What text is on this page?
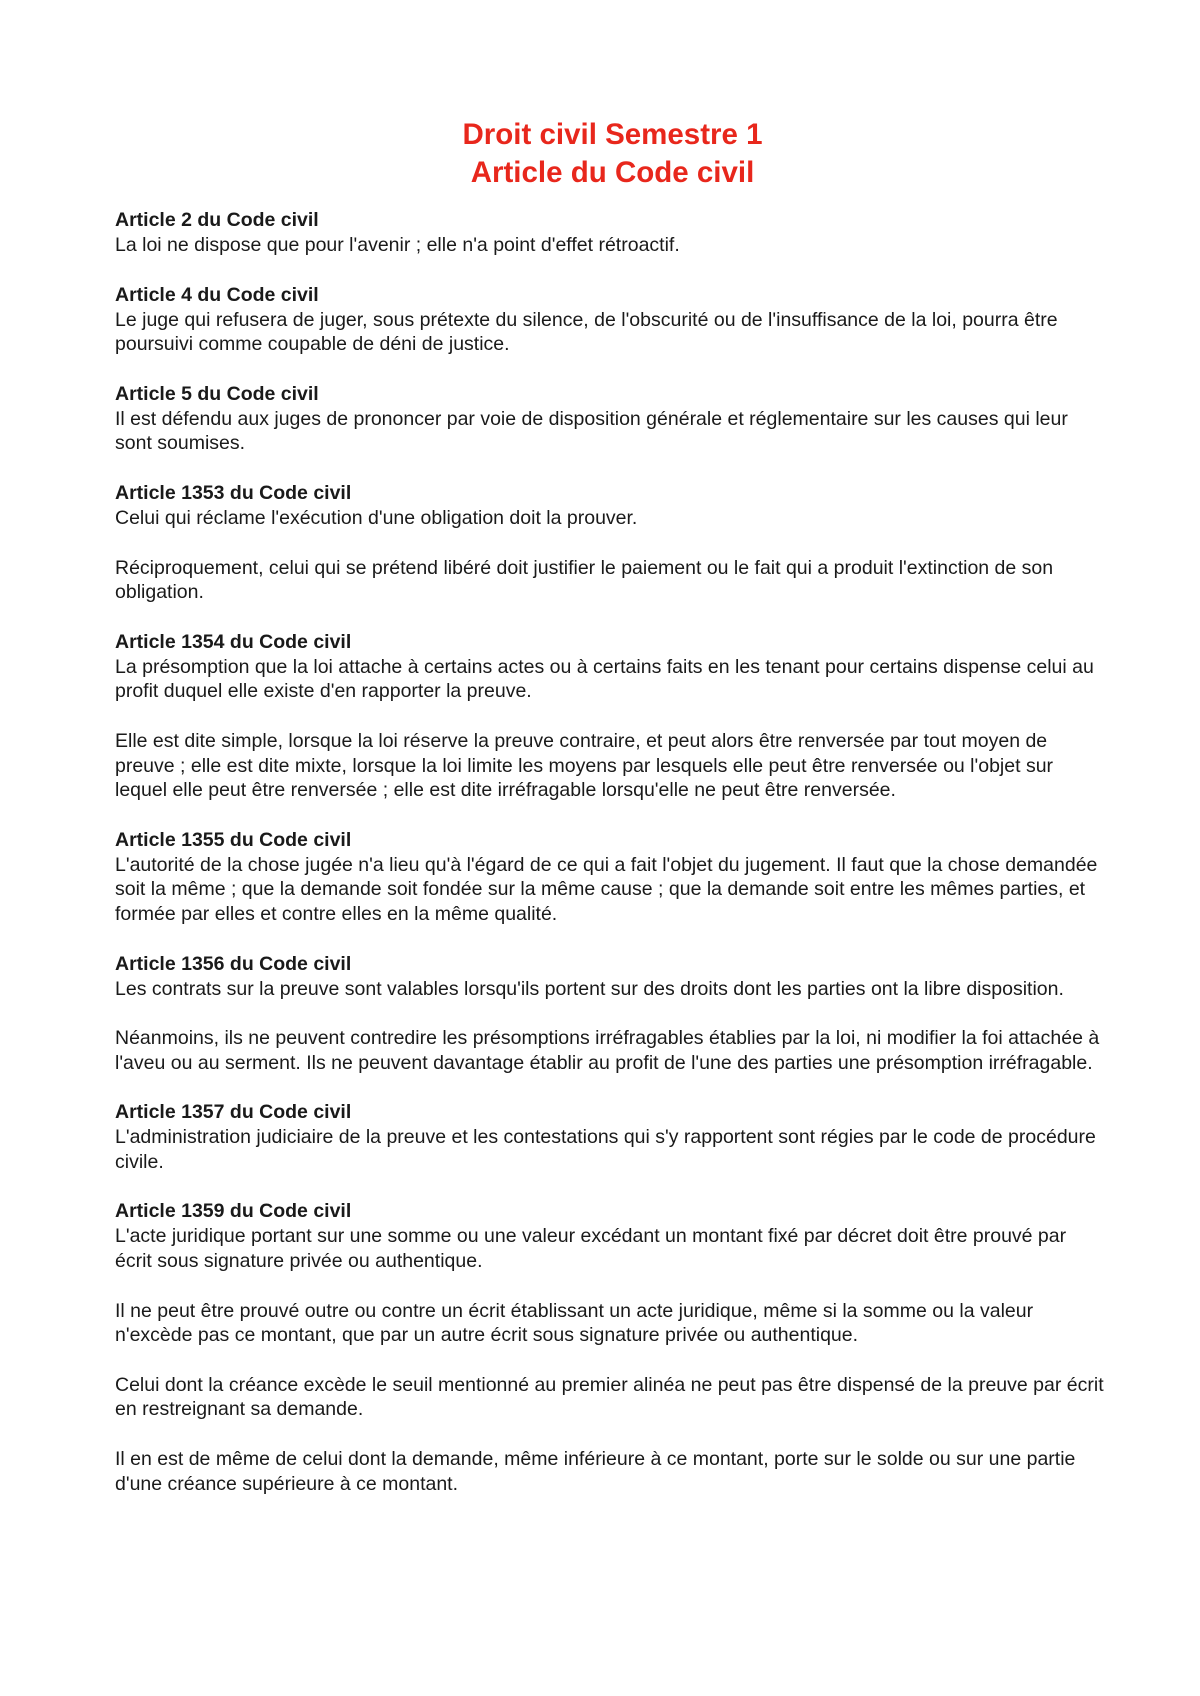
Droit civil Semestre 1
Article du Code civil

Article 2 du Code civil

La loi ne dispose que pour l'avenir ; elle n'a point d'effet rétroactif.

Article 4 du Code civil

Le juge qui refusera de juger, sous prétexte du silence, de l'obscurité ou de l'insuffisance de la loi, pourra être poursuivi comme coupable de déni de justice.

Article 5 du Code civil

Il est défendu aux juges de prononcer par voie de disposition générale et réglementaire sur les causes qui leur sont soumises.

Article 1353 du Code civil

Celui qui réclame l'exécution d'une obligation doit la prouver.

Réciproquement, celui qui se prétend libéré doit justifier le paiement ou le fait qui a produit l'extinction de son obligation.

Article 1354 du Code civil

La présomption que la loi attache à certains actes ou à certains faits en les tenant pour certains dispense celui au profit duquel elle existe d'en rapporter la preuve.

Elle est dite simple, lorsque la loi réserve la preuve contraire, et peut alors être renversée par tout moyen de preuve ; elle est dite mixte, lorsque la loi limite les moyens par lesquels elle peut être renversée ou l'objet sur lequel elle peut être renversée ; elle est dite irréfragable lorsqu'elle ne peut être renversée.

Article 1355 du Code civil

L'autorité de la chose jugée n'a lieu qu'à l'égard de ce qui a fait l'objet du jugement. Il faut que la chose demandée soit la même ; que la demande soit fondée sur la même cause ; que la demande soit entre les mêmes parties, et formée par elles et contre elles en la même qualité.

Article 1356 du Code civil

Les contrats sur la preuve sont valables lorsqu'ils portent sur des droits dont les parties ont la libre disposition.

Néanmoins, ils ne peuvent contredire les présomptions irréfragables établies par la loi, ni modifier la foi attachée à l'aveu ou au serment. Ils ne peuvent davantage établir au profit de l'une des parties une présomption irréfragable.

Article 1357 du Code civil

L'administration judiciaire de la preuve et les contestations qui s'y rapportent sont régies par le code de procédure civile.

Article 1359 du Code civil

L'acte juridique portant sur une somme ou une valeur excédant un montant fixé par décret doit être prouvé par écrit sous signature privée ou authentique.

Il ne peut être prouvé outre ou contre un écrit établissant un acte juridique, même si la somme ou la valeur n'excède pas ce montant, que par un autre écrit sous signature privée ou authentique.

Celui dont la créance excède le seuil mentionné au premier alinéa ne peut pas être dispensé de la preuve par écrit en restreignant sa demande.

Il en est de même de celui dont la demande, même inférieure à ce montant, porte sur le solde ou sur une partie d'une créance supérieure à ce montant.
